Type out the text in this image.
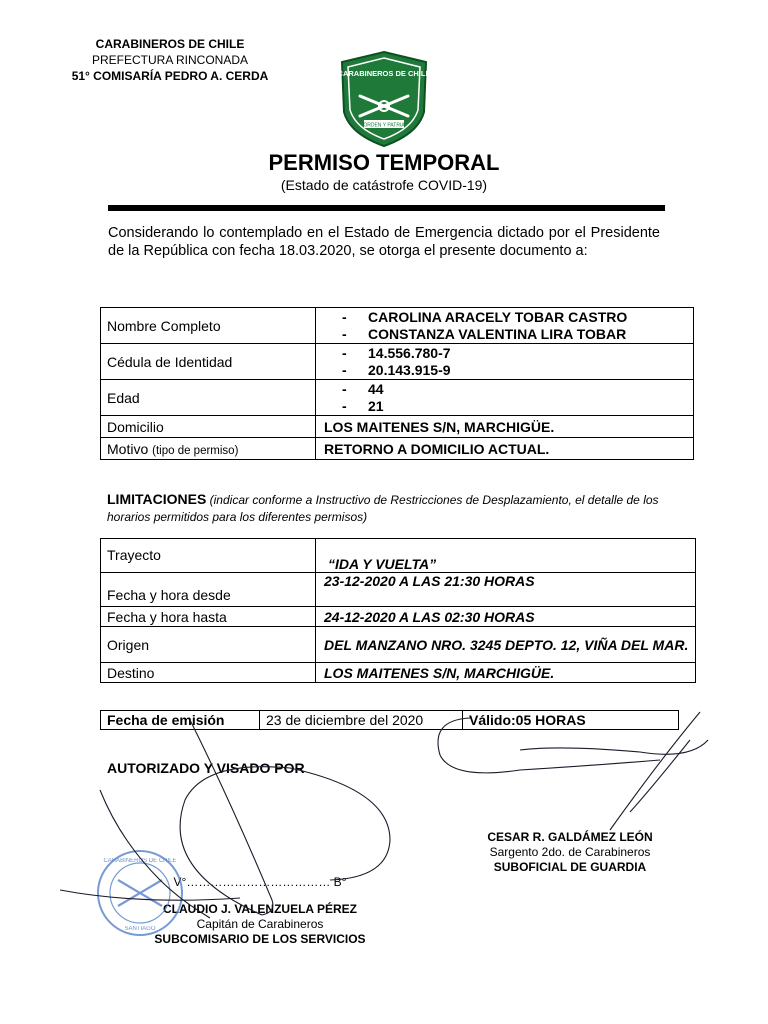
CARABINEROS DE CHILE
PREFECTURA RINCONADA
51° COMISARÍA PEDRO A. CERDA	CARABINEROS DE CHILE
ORDEN Y PATRIA
PERMISO TEMPORAL
(Estado de catástrofe COVID-19)
Considerando lo contemplado en el Estado de Emergencia dictado por el Presidente de la República con fecha 18.03.2020, se otorga el presente documento a:
Nombre Completo	- CAROLINA ARACELY TOBAR CASTRO
- CONSTANZA VALENTINA LIRA TOBAR

Cédula de Identidad	- 14.556.780-7
- 20.143.915-9

Edad	- 44
- 21

Domicilio	LOS MAITENES S/N, MARCHIGÜE.
Motivo (tipo de permiso)	RETORNO A DOMICILIO ACTUAL.
LIMITACIONES (indicar conforme a Instructivo de Restricciones de Desplazamiento, el detalle de los horarios permitidos para los diferentes permisos)
Trayecto	“IDA Y VUELTA”
Fecha y hora desde	23-12-2020 A LAS 21:30 HORAS
Fecha y hora hasta	24-12-2020 A LAS 02:30 HORAS
Origen	DEL MANZANO NRO. 3245 DEPTO. 12, VIÑA DEL MAR.
Destino	LOS MAITENES S/N, MARCHIGÜE.
Fecha de emisión	23 de diciembre del 2020	Válido:05 HORAS
AUTORIZADO Y VISADO POR
CESAR R. GALDÁMEZ LEÓN
Sargento 2do. de Carabineros
SUBOFICIAL DE GUARDIA
V°……………………………… B°
CLAUDIO J. VALENZUELA PÉREZ
Capitán de Carabineros
SUBCOMISARIO DE LOS SERVICIOS
CARABINEROS DE CHILE
SANTIAGO
